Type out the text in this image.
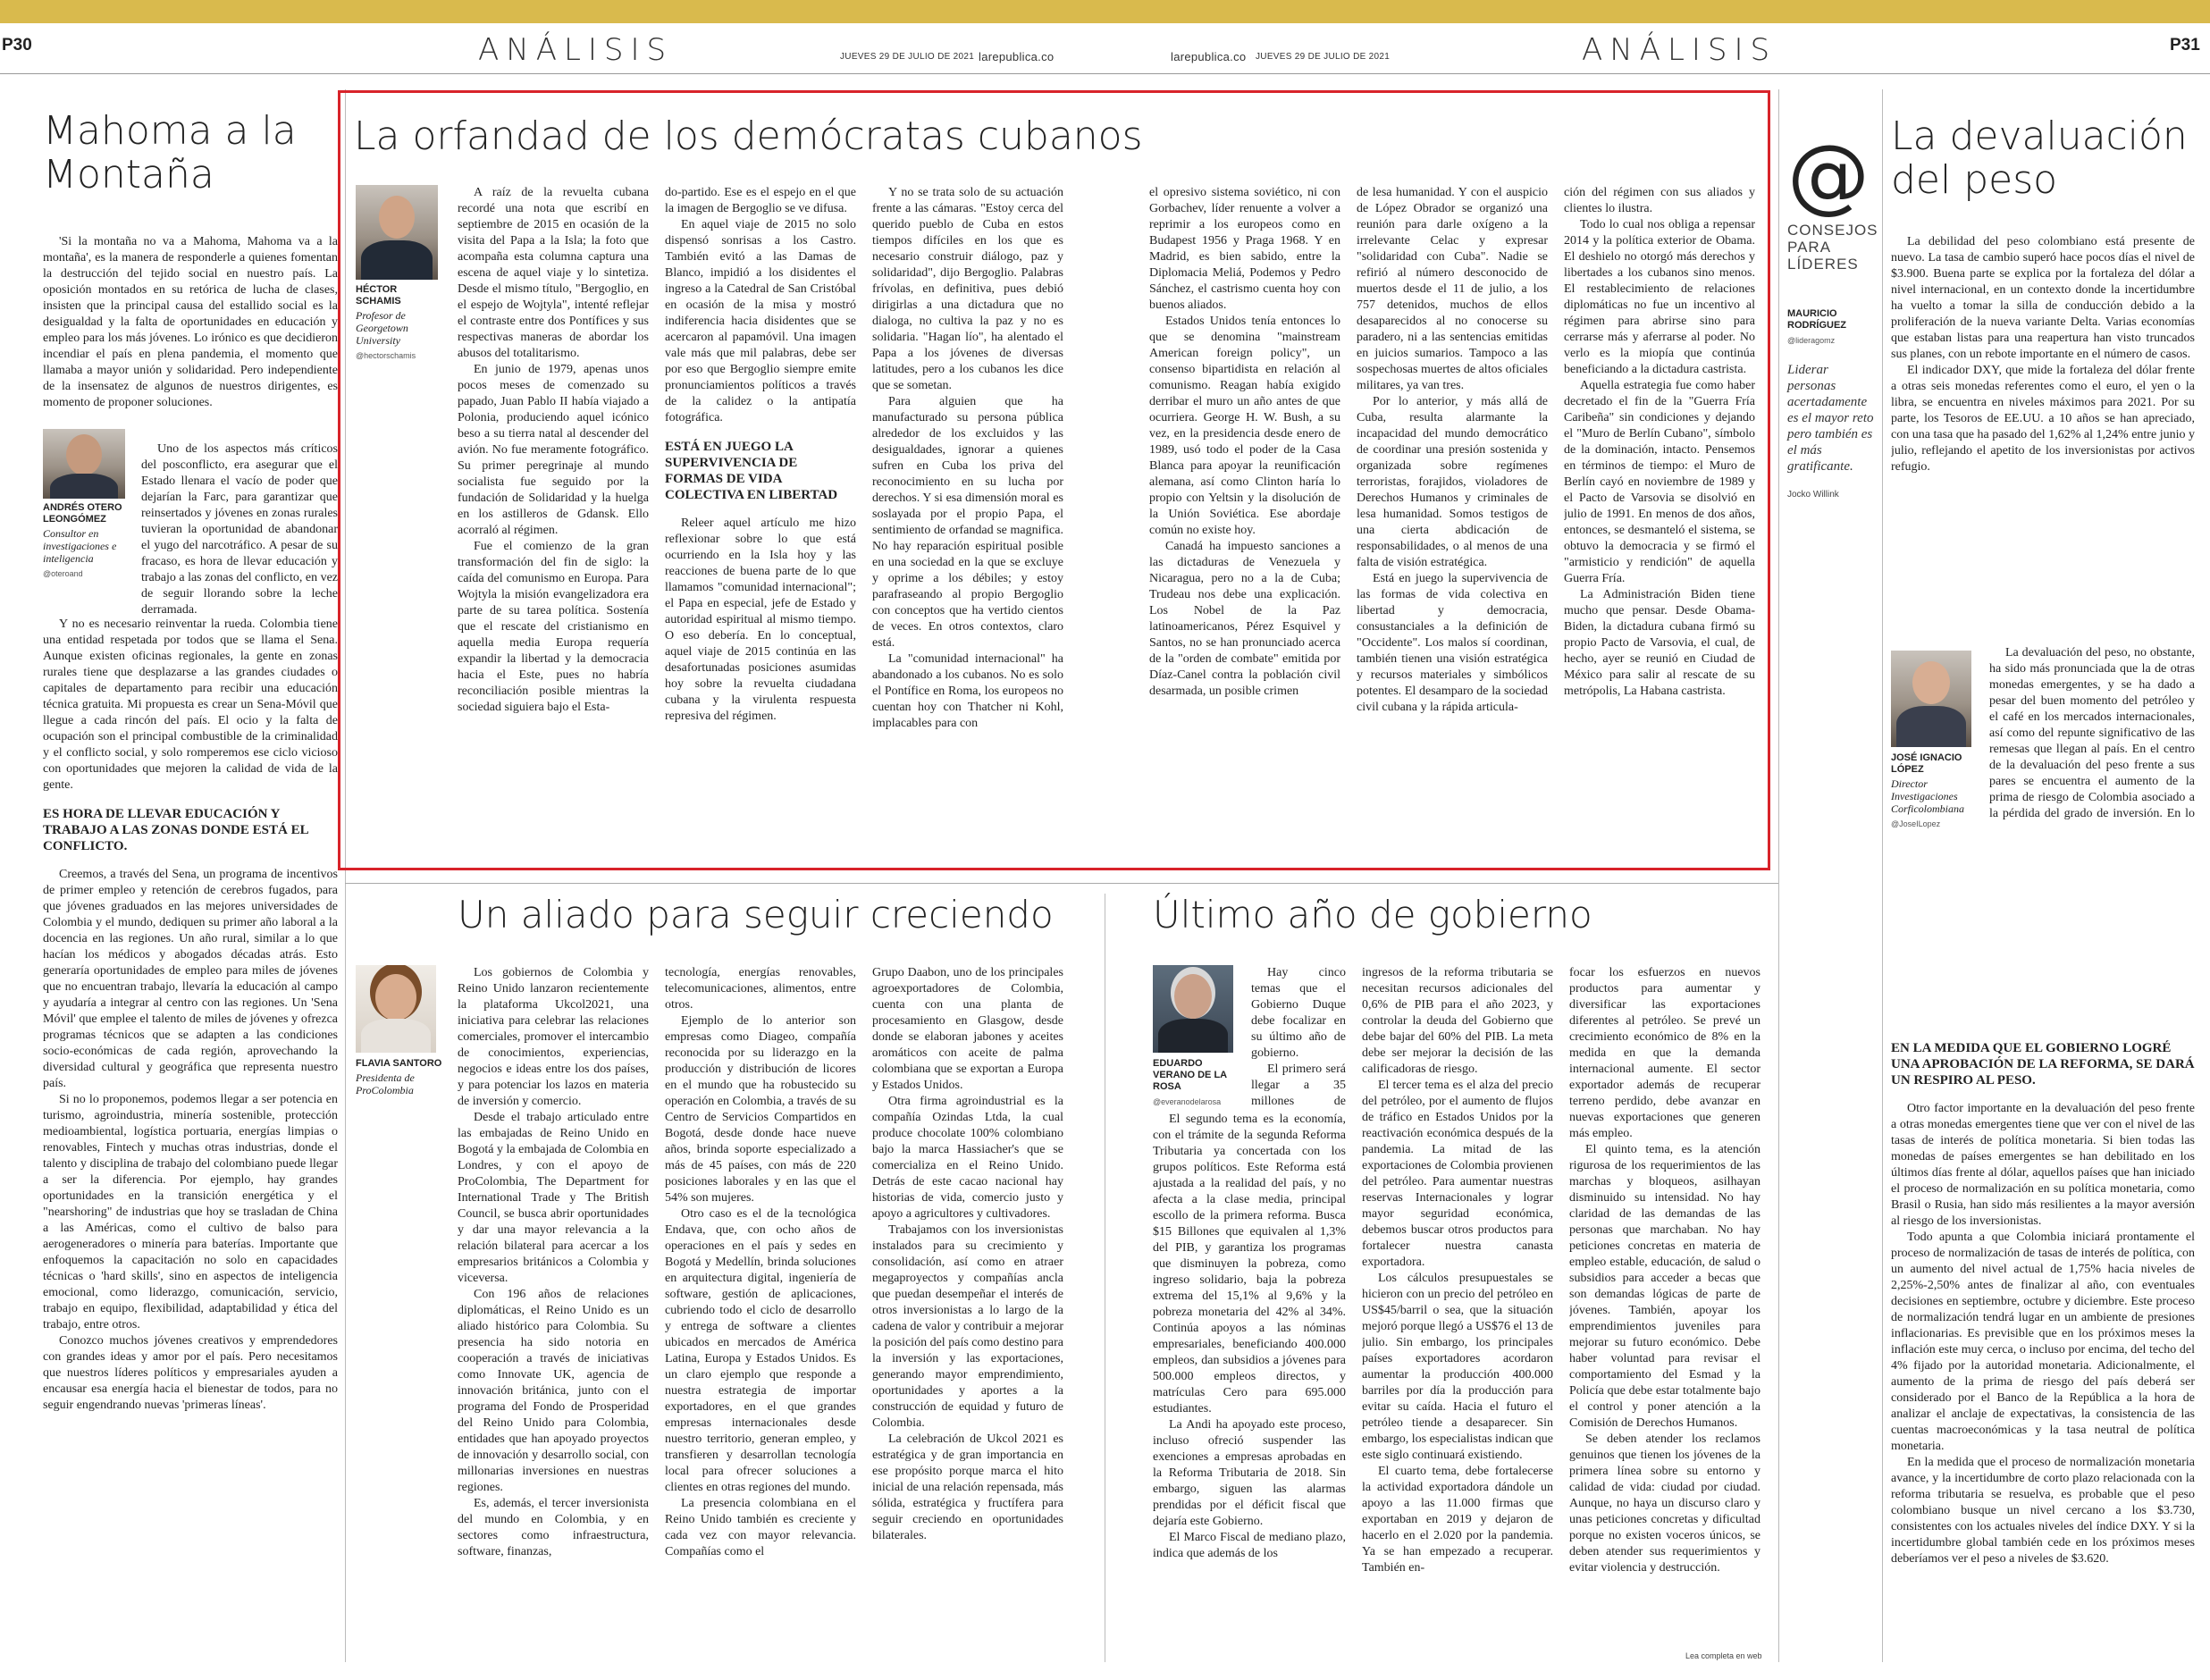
P30	ANÁLISIS	JUEVES 29 DE JULIO DE 2021 larepublica.co	larepublica.co JUEVES 29 DE JULIO DE 2021	ANÁLISIS	P31
Mahoma a la Montaña

'Si la montaña no va a Mahoma, Mahoma va a la montaña', es la manera de responderle a quienes fomentan la destrucción del tejido social en nuestro país. La oposición montados en su retórica de lucha de clases, insisten que la principal causa del estallido social es la desigualdad y la falta de oportunidades en educación y empleo para los más jóvenes. Lo irónico es que decidieron incendiar el país en plena pandemia, el momento que llamaba a mayor unión y solidaridad. Pero independiente de la insensatez de algunos de nuestros dirigentes, es momento de proponer soluciones.

ANDRÉS OTERO LEONGÓMEZ
Consultor en investigaciones e inteligencia
@oteroand

Uno de los aspectos más críticos del posconflicto, era asegurar que el Estado llenara el vacío de poder que dejarían la Farc, para garantizar que reinsertados y jóvenes en zonas rurales tuvieran la oportunidad de abandonar el yugo del narcotráfico. A pesar de su fracaso, es hora de llevar educación y trabajo a las zonas del conflicto, en vez de seguir llorando sobre la leche derramada.

Y no es necesario reinventar la rueda. Colombia tiene una entidad respetada por todos que se llama el Sena. Aunque existen oficinas regionales, la gente en zonas rurales tiene que desplazarse a las grandes ciudades o capitales de departamento para recibir una educación técnica gratuita. Mi propuesta es crear un Sena-Móvil que llegue a cada rincón del país. El ocio y la falta de ocupación son el principal combustible de la criminalidad y el conflicto social, y solo romperemos ese ciclo vicioso con oportunidades que mejoren la calidad de vida de la gente.

ES HORA DE LLEVAR EDUCACIÓN Y TRABAJO A LAS ZONAS DONDE ESTÁ EL CONFLICTO.

Creemos, a través del Sena, un programa de incentivos de primer empleo y retención de cerebros fugados, para que jóvenes graduados en las mejores universidades de Colombia y el mundo, dediquen su primer año laboral a la docencia en las regiones. Un año rural, similar a lo que hacían los médicos y abogados décadas atrás. Esto generaría oportunidades de empleo para miles de jóvenes que no encuentran trabajo, llevaría la educación al campo y ayudaría a integrar al centro con las regiones. Un 'Sena Móvil' que emplee el talento de miles de jóvenes y ofrezca programas técnicos que se adapten a las condiciones socio-económicas de cada región, aprovechando la diversidad cultural y geográfica que representa nuestro país.

Si no lo proponemos, podemos llegar a ser potencia en turismo, agroindustria, minería sostenible, protección medioambiental, logística portuaria, energías limpias o renovables, Fintech y muchas otras industrias, donde el talento y disciplina de trabajo del colombiano puede llegar a ser la diferencia. Por ejemplo, hay grandes oportunidades en la transición energética y el "nearshoring" de industrias que hoy se trasladan de China a las Américas, como el cultivo de balso para aerogeneradores o minería para baterías. Importante que enfoquemos la capacitación no solo en capacidades técnicas o 'hard skills', sino en aspectos de inteligencia emocional, como liderazgo, comunicación, servicio, trabajo en equipo, flexibilidad, adaptabilidad y ética del trabajo, entre otros.

Conozco muchos jóvenes creativos y emprendedores con grandes ideas y amor por el país. Pero necesitamos que nuestros líderes políticos y empresariales ayuden a encausar esa energía hacia el bienestar de todos, para no seguir engendrando nuevas 'primeras líneas'.

La orfandad de los demócratas cubanos
HÉCTOR SCHAMIS
Profesor de Georgetown University
@hectorschamis

A raíz de la revuelta cubana recordé una nota que escribí en septiembre de 2015 en ocasión de la visita del Papa a la Isla; la foto que acompaña esta columna captura una escena de aquel viaje y lo sintetiza. Desde el mismo título, "Bergoglio, en el espejo de Wojtyla", intenté reflejar el contraste entre dos Pontífices y sus respectivas maneras de abordar los abusos del totalitarismo.

En junio de 1979, apenas unos pocos meses de comenzado su papado, Juan Pablo II había viajado a Polonia, produciendo aquel icónico beso a su tierra natal al descender del avión. No fue meramente fotográfico. Su primer peregrinaje al mundo socialista fue seguido por la fundación de Solidaridad y la huelga en los astilleros de Gdansk. Ello acorraló al régimen.

Fue el comienzo de la gran transformación del fin de siglo: la caída del comunismo en Europa. Para Wojtyla la misión evangelizadora era parte de su tarea política. Sostenía que el rescate del cristianismo en aquella media Europa requería expandir la libertad y la democracia hacia el Este, pues no habría reconciliación posible mientras la sociedad siguiera bajo el Esta-

do-partido. Ese es el espejo en el que la imagen de Bergoglio se ve difusa.

En aquel viaje de 2015 no solo dispensó sonrisas a los Castro. También evitó a las Damas de Blanco, impidió a los disidentes el ingreso a la Catedral de San Cristóbal en ocasión de la misa y mostró indiferencia hacia disidentes que se acercaron al papamóvil. Una imagen vale más que mil palabras, debe ser por eso que Bergoglio siempre emite pronunciamientos políticos a través de la calidez o la antipatía fotográfica.

ESTÁ EN JUEGO LA SUPERVIVENCIA DE FORMAS DE VIDA COLECTIVA EN LIBERTAD

Releer aquel artículo me hizo reflexionar sobre lo que está ocurriendo en la Isla hoy y las reacciones de buena parte de lo que llamamos "comunidad internacional"; el Papa en especial, jefe de Estado y autoridad espiritual al mismo tiempo. O eso debería. En lo conceptual, aquel viaje de 2015 continúa en las desafortunadas posiciones asumidas hoy sobre la revuelta ciudadana cubana y la virulenta respuesta represiva del régimen.

Y no se trata solo de su actuación frente a las cámaras. "Estoy cerca del querido pueblo de Cuba en estos tiempos difíciles en los que es necesario construir diálogo, paz y solidaridad", dijo Bergoglio. Palabras frívolas, en definitiva, pues debió dirigirlas a una dictadura que no dialoga, no cultiva la paz y no es solidaria. "Hagan lío", ha alentado el Papa a los jóvenes de diversas latitudes, pero a los cubanos les dice que se sometan.

Para alguien que ha manufacturado su persona pública alrededor de los excluidos y las desigualdades, ignorar a quienes sufren en Cuba los priva del reconocimiento en su lucha por derechos. Y si esa dimensión moral es soslayada por el propio Papa, el sentimiento de orfandad se magnifica. No hay reparación espiritual posible en una sociedad en la que se excluye y oprime a los débiles; y estoy parafraseando al propio Bergoglio con conceptos que ha vertido cientos de veces. En otros contextos, claro está.

La "comunidad internacional" ha abandonado a los cubanos. No es solo el Pontífice en Roma, los europeos no cuentan hoy con Thatcher ni Kohl, implacables para con

el opresivo sistema soviético, ni con Gorbachev, líder renuente a volver a reprimir a los europeos como en Budapest 1956 y Praga 1968. Y en Madrid, es bien sabido, entre la Diplomacia Meliá, Podemos y Pedro Sánchez, el castrismo cuenta hoy con buenos aliados.

Estados Unidos tenía entonces lo que se denomina "mainstream American foreign policy", un consenso bipartidista en relación al comunismo. Reagan había exigido derribar el muro un año antes de que ocurriera. George H. W. Bush, a su vez, en la presidencia desde enero de 1989, usó todo el poder de la Casa Blanca para apoyar la reunificación alemana, así como Clinton haría lo propio con Yeltsin y la disolución de la Unión Soviética. Ese abordaje común no existe hoy.

Canadá ha impuesto sanciones a las dictaduras de Venezuela y Nicaragua, pero no a la de Cuba; Trudeau nos debe una explicación. Los Nobel de la Paz latinoamericanos, Pérez Esquivel y Santos, no se han pronunciado acerca de la "orden de combate" emitida por Díaz-Canel contra la población civil desarmada, un posible crimen

de lesa humanidad. Y con el auspicio de López Obrador se organizó una reunión para darle oxígeno a la irrelevante Celac y expresar "solidaridad con Cuba". Nadie se refirió al número desconocido de muertos desde el 11 de julio, a los 757 detenidos, muchos de ellos desaparecidos al no conocerse su paradero, ni a las sentencias emitidas en juicios sumarios. Tampoco a las sospechosas muertes de altos oficiales militares, ya van tres.

Por lo anterior, y más allá de Cuba, resulta alarmante la incapacidad del mundo democrático de coordinar una presión sostenida y organizada sobre regímenes terroristas, forajidos, violadores de Derechos Humanos y criminales de lesa humanidad. Somos testigos de una cierta abdicación de responsabilidades, o al menos de una falta de visión estratégica.

Está en juego la supervivencia de las formas de vida colectiva en libertad y democracia, consustanciales a la definición de "Occidente". Los malos sí coordinan, también tienen una visión estratégica y recursos materiales y simbólicos potentes. El desamparo de la sociedad civil cubana y la rápida articula-

ción del régimen con sus aliados y clientes lo ilustra.

Todo lo cual nos obliga a repensar 2014 y la política exterior de Obama. El deshielo no otorgó más derechos y libertades a los cubanos sino menos. El restablecimiento de relaciones diplomáticas no fue un incentivo al régimen para abrirse sino para cerrarse más y aferrarse al poder. No verlo es la miopía que continúa beneficiando a la dictadura castrista.

Aquella estrategia fue como haber decretado el fin de la "Guerra Fría Caribeña" sin condiciones y dejando el "Muro de Berlín Cubano", símbolo de la dominación, intacto. Pensemos en términos de tiempo: el Muro de Berlín cayó en noviembre de 1989 y el Pacto de Varsovia se disolvió en julio de 1991. En menos de dos años, entonces, se desmanteló el sistema, se obtuvo la democracia y se firmó el "armisticio y rendición" de aquella Guerra Fría.

La Administración Biden tiene mucho que pensar. Desde Obama-Biden, la dictadura cubana firmó su propio Pacto de Varsovia, el cual, de hecho, ayer se reunió en Ciudad de México para salir al rescate de su metrópolis, La Habana castrista.

@
CONSEJOS PARA LÍDERES
MAURICIO RODRÍGUEZ
@lideragomz
Liderar personas acertadamente es el mayor reto pero también es el más gratificante.
Jocko Willink
La devaluación del peso

La debilidad del peso colombiano está presente de nuevo. La tasa de cambio superó hace pocos días el nivel de $3.900. Buena parte se explica por la fortaleza del dólar a nivel internacional, en un contexto donde la incertidumbre ha vuelto a tomar la silla de conducción debido a la proliferación de la nueva variante Delta. Varias economías que estaban listas para una reapertura han visto truncados sus planes, con un rebote importante en el número de casos.

El indicador DXY, que mide la fortaleza del dólar frente a otras seis monedas referentes como el euro, el yen o la libra, se encuentra en niveles máximos para 2021. Por su parte, los Tesoros de EE.UU. a 10 años se han apreciado, con una tasa que ha pasado del 1,62% al 1,24% entre junio y julio, reflejando el apetito de los inversionistas por activos refugio.

JOSÉ IGNACIO LÓPEZ
Director Investigaciones Corficolombiana
@JoseILopez

La devaluación del peso, no obstante, ha sido más pronunciada que la de otras monedas emergentes, y se ha dado a pesar del buen momento del petróleo y el café en los mercados internacionales, así como del repunte significativo de las remesas que llegan al país. En el centro de la devaluación del peso frente a sus pares se encuentra el aumento de la prima de riesgo de Colombia asociado a la pérdida del grado de inversión. En lo

EN LA MEDIDA QUE EL GOBIERNO LOGRÉ UNA APROBACIÓN DE LA REFORMA, SE DARÁ UN RESPIRO AL PESO.

Otro factor importante en la devaluación del peso frente a otras monedas emergentes tiene que ver con el nivel de las tasas de interés de política monetaria. Si bien todas las monedas de países emergentes se han debilitado en los últimos días frente al dólar, aquellos países que han iniciado el proceso de normalización en su política monetaria, como Brasil o Rusia, han sido más resilientes a la mayor aversión al riesgo de los inversionistas.

Todo apunta a que Colombia iniciará prontamente el proceso de normalización de tasas de interés de política, con un aumento del nivel actual de 1,75% hacia niveles de 2,25%-2,50% antes de finalizar al año, con eventuales decisiones en septiembre, octubre y diciembre. Este proceso de normalización tendrá lugar en un ambiente de presiones inflacionarias. Es previsible que en los próximos meses la inflación este muy cerca, o incluso por encima, del techo del 4% fijado por la autoridad monetaria. Adicionalmente, el aumento de la prima de riesgo del país deberá ser considerado por el Banco de la República a la hora de analizar el anclaje de expectativas, la consistencia de las cuentas macroeconómicas y la tasa neutral de política monetaria.

En la medida que el proceso de normalización monetaria avance, y la incertidumbre de corto plazo relacionada con la reforma tributaria se resuelva, es probable que el peso colombiano busque un nivel cercano a los $3.730, consistentes con los actuales niveles del índice DXY. Y si la incertidumbre global también cede en los próximos meses deberíamos ver el peso a niveles de $3.620.

Un aliado para seguir creciendo
FLAVIA SANTORO
Presidenta de ProColombia

Los gobiernos de Colombia y Reino Unido lanzaron recientemente la plataforma Ukcol2021, una iniciativa para celebrar las relaciones comerciales, promover el intercambio de conocimientos, experiencias, negocios e ideas entre los dos países, y para potenciar los lazos en materia de inversión y comercio.

Desde el trabajo articulado entre las embajadas de Reino Unido en Bogotá y la embajada de Colombia en Londres, y con el apoyo de ProColombia, The Department for International Trade y The British Council, se busca abrir oportunidades y dar una mayor relevancia a la relación bilateral para acercar a los empresarios británicos a Colombia y viceversa.

Con 196 años de relaciones diplomáticas, el Reino Unido es un aliado histórico para Colombia. Su presencia ha sido notoria en cooperación a través de iniciativas como Innovate UK, agencia de innovación británica, junto con el programa del Fondo de Prosperidad del Reino Unido para Colombia, entidades que han apoyado proyectos de innovación y desarrollo social, con millonarias inversiones en nuestras regiones.

Es, además, el tercer inversionista del mundo en Colombia, y en sectores como infraestructura, software, finanzas,

tecnología, energías renovables, telecomunicaciones, alimentos, entre otros.

Ejemplo de lo anterior son empresas como Diageo, compañía reconocida por su liderazgo en la producción y distribución de licores en el mundo que ha robustecido su operación en Colombia, a través de su Centro de Servicios Compartidos en Bogotá, desde donde hace nueve años, brinda soporte especializado a más de 45 países, con más de 220 posiciones laborales y en las que el 54% son mujeres.

Otro caso es el de la tecnológica Endava, que, con ocho años de operaciones en el país y sedes en Bogotá y Medellín, brinda soluciones en arquitectura digital, ingeniería de software, gestión de aplicaciones, cubriendo todo el ciclo de desarrollo y entrega de software a clientes ubicados en mercados de América Latina, Europa y Estados Unidos. Es un claro ejemplo que responde a nuestra estrategia de importar exportadores, en el que grandes empresas internacionales desde nuestro territorio, generan empleo, y transfieren y desarrollan tecnología local para ofrecer soluciones a clientes en otras regiones del mundo.

La presencia colombiana en el Reino Unido también es creciente y cada vez con mayor relevancia. Compañías como el

Grupo Daabon, uno de los principales agroexportadores de Colombia, cuenta con una planta de procesamiento en Glasgow, desde donde se elaboran jabones y aceites aromáticos con aceite de palma colombiana que se exportan a Europa y Estados Unidos.

Otra firma agroindustrial es la compañía Ozindas Ltda, la cual produce chocolate 100% colombiano bajo la marca Hassiacher's que se comercializa en el Reino Unido. Detrás de este cacao nacional hay historias de vida, comercio justo y apoyo a agricultores y cultivadores.

Trabajamos con los inversionistas instalados para su crecimiento y consolidación, así como en atraer megaproyectos y compañías ancla que puedan desempeñar el interés de otros inversionistas a lo largo de la cadena de valor y contribuir a mejorar la posición del país como destino para la inversión y las exportaciones, generando mayor emprendimiento, oportunidades y aportes a la construcción de equidad y futuro de Colombia.

La celebración de Ukcol 2021 es estratégica y de gran importancia en ese propósito porque marca el hito inicial de una relación repensada, más sólida, estratégica y fructífera para seguir creciendo en oportunidades bilaterales.

Último año de gobierno
EDUARDO VERANO DE LA ROSA
@everanodelarosa

Hay cinco temas que el Gobierno Duque debe focalizar en su último año de gobierno.

El primero será llegar a 35 millones de

El segundo tema es la economía, con el trámite de la segunda Reforma Tributaria ya concertada con los grupos políticos. Este Reforma está ajustada a la realidad del país, y no afecta a la clase media, principal escollo de la primera reforma. Busca $15 Billones que equivalen al 1,3% del PIB, y garantiza los programas que disminuyen la pobreza, como ingreso solidario, baja la pobreza extrema del 15,1% al 9,6% y la pobreza monetaria del 42% al 34%. Continúa apoyos a las nóminas empresariales, beneficiando 400.000 empleos, dan subsidios a jóvenes para 500.000 empleos directos, y matrículas Cero para 695.000 estudiantes.

La Andi ha apoyado este proceso, incluso ofreció suspender las exenciones a empresas aprobadas en la Reforma Tributaria de 2018. Sin embargo, siguen las alarmas prendidas por el déficit fiscal que dejaría este Gobierno.

El Marco Fiscal de mediano plazo, indica que además de los

ingresos de la reforma tributaria se necesitan recursos adicionales del 0,6% de PIB para el año 2023, y controlar la deuda del Gobierno que debe bajar del 60% del PIB. La meta debe ser mejorar la decisión de las calificadoras de riesgo.

El tercer tema es el alza del precio del petróleo, por el aumento de flujos de tráfico en Estados Unidos por la reactivación económica después de la pandemia. La mitad de las exportaciones de Colombia provienen del petróleo. Para aumentar nuestras reservas Internacionales y lograr mayor seguridad económica, debemos buscar otros productos para fortalecer nuestra canasta exportadora.

Los cálculos presupuestales se hicieron con un precio del petróleo en US$45/barril o sea, que la situación mejoró porque llegó a US$76 el 13 de julio. Sin embargo, los principales países exportadores acordaron aumentar la producción 400.000 barriles por día la producción para evitar su caída. Hacia el futuro el petróleo tiende a desaparecer. Sin embargo, los especialistas indican que este siglo continuará existiendo.

El cuarto tema, debe fortalecerse la actividad exportadora dándole un apoyo a las 11.000 firmas que exportaban en 2019 y dejaron de hacerlo en el 2.020 por la pandemia. Ya se han empezado a recuperar. También en-

focar los esfuerzos en nuevos productos para aumentar y diversificar las exportaciones diferentes al petróleo. Se prevé un crecimiento económico de 8% en la medida en que la demanda internacional aumente. El sector exportador además de recuperar terreno perdido, debe avanzar en nuevas exportaciones que generen más empleo.

El quinto tema, es la atención rigurosa de los requerimientos de las marchas y bloqueos, asilhayan disminuido su intensidad. No hay claridad de las demandas de las personas que marchaban. No hay peticiones concretas en materia de empleo estable, educación, de salud o subsidios para acceder a becas que son demandas lógicas de parte de jóvenes. También, apoyar los emprendimientos juveniles para mejorar su futuro económico. Debe haber voluntad para revisar el comportamiento del Esmad y la Policía que debe estar totalmente bajo el control y poner atención a la Comisión de Derechos Humanos.

Se deben atender los reclamos genuinos que tienen los jóvenes de la primera línea sobre su entorno y calidad de vida: ciudad por ciudad. Aunque, no haya un discurso claro y unas peticiones concretas y dificultad porque no existen voceros únicos, se deben atender sus requerimientos y evitar violencia y destrucción.

Lea completa en web
